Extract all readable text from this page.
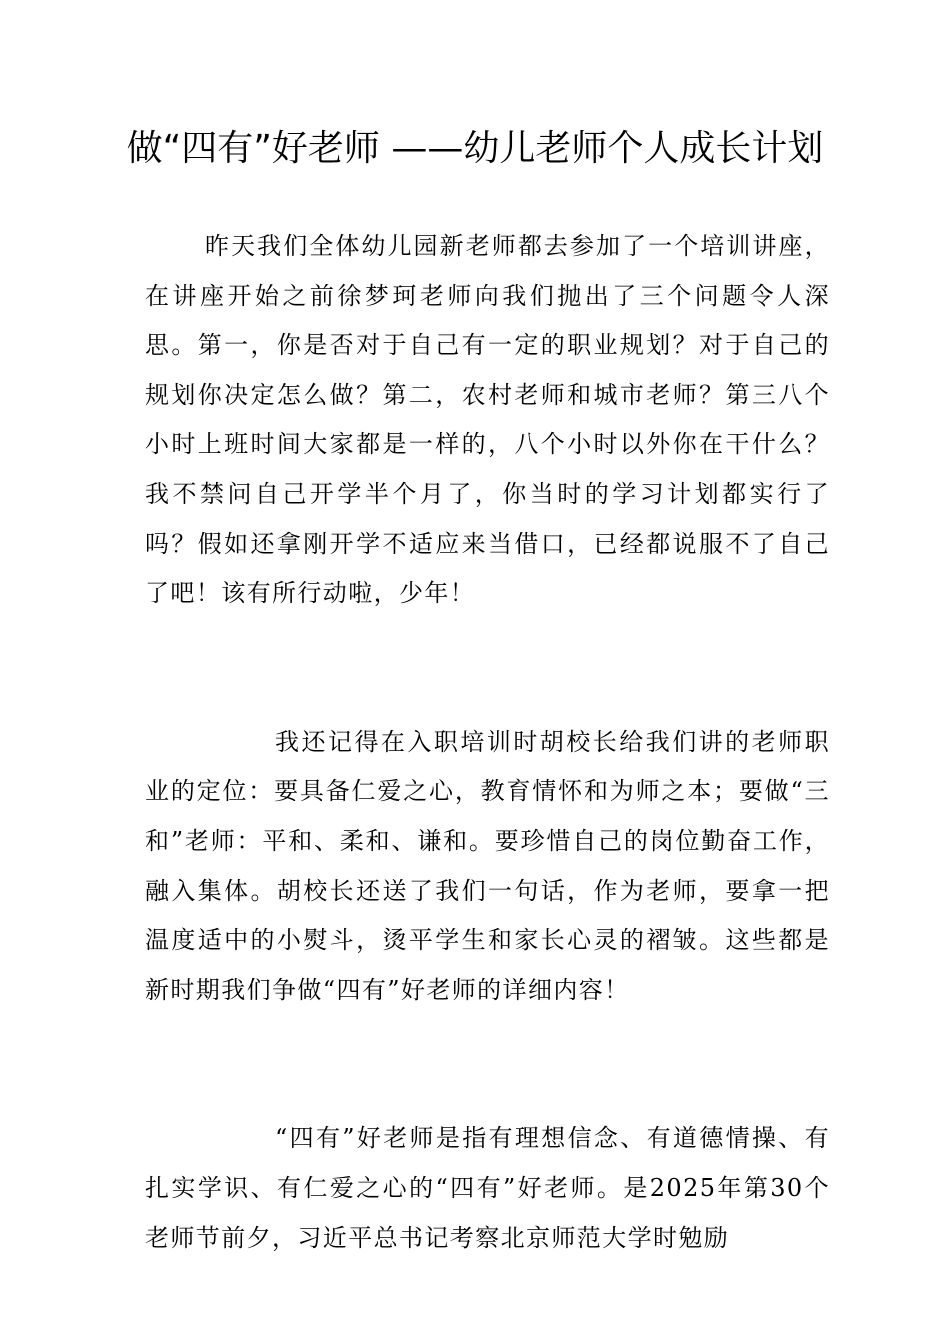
做“四有”好老师 ——幼儿老师个人成长计划

昨天我们全体幼儿园新老师都去参加了一个培训讲座，在讲座开始之前徐梦珂老师向我们抛出了三个问题令人深思。第一，你是否对于自己有一定的职业规划？对于自己的规划你决定怎么做？第二，农村老师和城市老师？第三八个小时上班时间大家都是一样的，八个小时以外你在干什么？我不禁问自己开学半个月了，你当时的学习计划都实行了吗？假如还拿刚开学不适应来当借口，已经都说服不了自己了吧！该有所行动啦，少年！

我还记得在入职培训时胡校长给我们讲的老师职业的定位：要具备仁爱之心，教育情怀和为师之本；要做“三和”老师：平和、柔和、谦和。要珍惜自己的岗位勤奋工作，融入集体。胡校长还送了我们一句话，作为老师，要拿一把温度适中的小熨斗，烫平学生和家长心灵的褶皱。这些都是新时期我们争做“四有”好老师的详细内容！

“四有”好老师是指有理想信念、有道德情操、有扎实学识、有仁爱之心的“四有”好老师。是2025年第30个老师节前夕，习近平总书记考察北京师范大学时勉励
